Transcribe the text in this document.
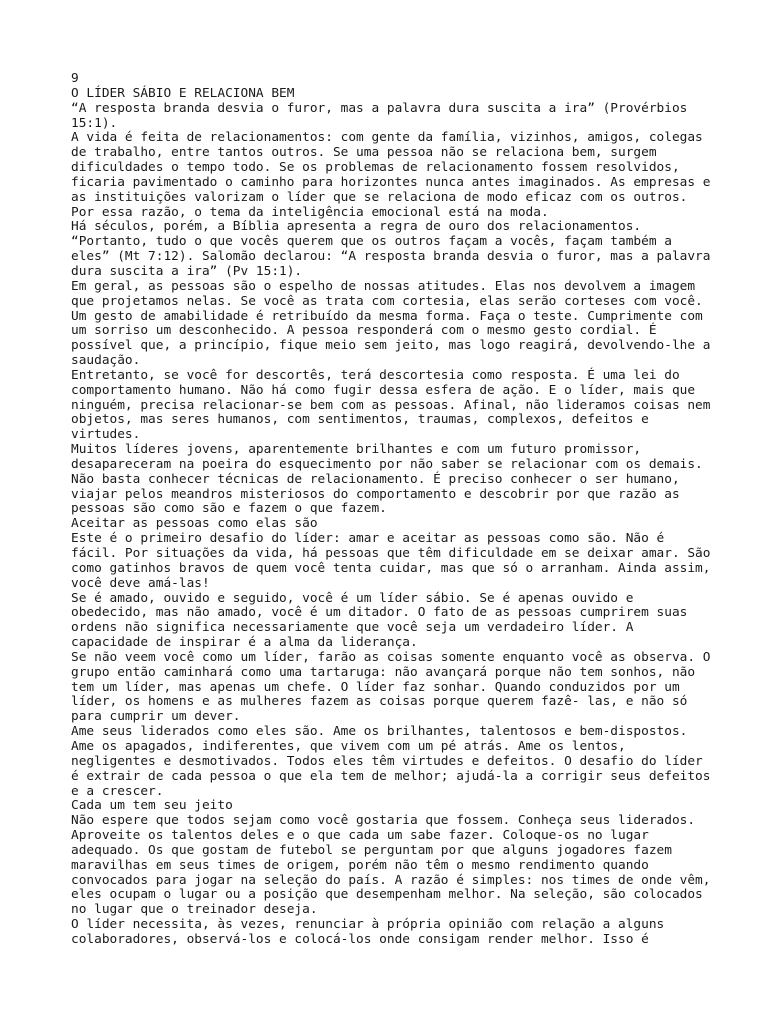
9

O LÍDER SÁBIO E RELACIONA BEM

“A resposta branda desvia o furor, mas a palavra dura suscita a ira” (Provérbios

15:1).

A vida é feita de relacionamentos: com gente da família, vizinhos, amigos, colegas

de trabalho, entre tantos outros. Se uma pessoa não se relaciona bem, surgem

dificuldades o tempo todo. Se os problemas de relacionamento fossem resolvidos,

ficaria pavimentado o caminho para horizontes nunca antes imaginados. As empresas e

as instituições valorizam o líder que se relaciona de modo eficaz com os outros.

Por essa razão, o tema da inteligência emocional está na moda.

Há séculos, porém, a Bíblia apresenta a regra de ouro dos relacionamentos.

“Portanto, tudo o que vocês querem que os outros façam a vocês, façam também a

eles” (Mt 7:12). Salomão declarou: “A resposta branda desvia o furor, mas a palavra

dura suscita a ira” (Pv 15:1).

Em geral, as pessoas são o espelho de nossas atitudes. Elas nos devolvem a imagem

que projetamos nelas. Se você as trata com cortesia, elas serão corteses com você.

Um gesto de amabilidade é retribuído da mesma forma. Faça o teste. Cumprimente com

um sorriso um desconhecido. A pessoa responderá com o mesmo gesto cordial. É

possível que, a princípio, fique meio sem jeito, mas logo reagirá, devolvendo-lhe a

saudação.

Entretanto, se você for descortês, terá descortesia como resposta. É uma lei do

comportamento humano. Não há como fugir dessa esfera de ação. E o líder, mais que

ninguém, precisa relacionar-se bem com as pessoas. Afinal, não lideramos coisas nem

objetos, mas seres humanos, com sentimentos, traumas, complexos, defeitos e

virtudes.

Muitos líderes jovens, aparentemente brilhantes e com um futuro promissor,

desapareceram na poeira do esquecimento por não saber se relacionar com os demais.

Não basta conhecer técnicas de relacionamento. É preciso conhecer o ser humano,

viajar pelos meandros misteriosos do comportamento e descobrir por que razão as

pessoas são como são e fazem o que fazem.

Aceitar as pessoas como elas são

Este é o primeiro desafio do líder: amar e aceitar as pessoas como são. Não é

fácil. Por situações da vida, há pessoas que têm dificuldade em se deixar amar. São

como gatinhos bravos de quem você tenta cuidar, mas que só o arranham. Ainda assim,

você deve amá-las!

Se é amado, ouvido e seguido, você é um líder sábio. Se é apenas ouvido e

obedecido, mas não amado, você é um ditador. O fato de as pessoas cumprirem suas

ordens não significa necessariamente que você seja um verdadeiro líder. A

capacidade de inspirar é a alma da liderança.

Se não veem você como um líder, farão as coisas somente enquanto você as observa. O

grupo então caminhará como uma tartaruga: não avançará porque não tem sonhos, não

tem um líder, mas apenas um chefe. O líder faz sonhar. Quando conduzidos por um

líder, os homens e as mulheres fazem as coisas porque querem fazê- las, e não só

para cumprir um dever.

Ame seus liderados como eles são. Ame os brilhantes, talentosos e bem-dispostos.

Ame os apagados, indiferentes, que vivem com um pé atrás. Ame os lentos,

negligentes e desmotivados. Todos eles têm virtudes e defeitos. O desafio do líder

é extrair de cada pessoa o que ela tem de melhor; ajudá-la a corrigir seus defeitos

e a crescer.

Cada um tem seu jeito

Não espere que todos sejam como você gostaria que fossem. Conheça seus liderados.

Aproveite os talentos deles e o que cada um sabe fazer. Coloque-os no lugar

adequado. Os que gostam de futebol se perguntam por que alguns jogadores fazem

maravilhas em seus times de origem, porém não têm o mesmo rendimento quando

convocados para jogar na seleção do país. A razão é simples: nos times de onde vêm,

eles ocupam o lugar ou a posição que desempenham melhor. Na seleção, são colocados

no lugar que o treinador deseja.

O líder necessita, às vezes, renunciar à própria opinião com relação a alguns

colaboradores, observá-los e colocá-los onde consigam render melhor. Isso é
